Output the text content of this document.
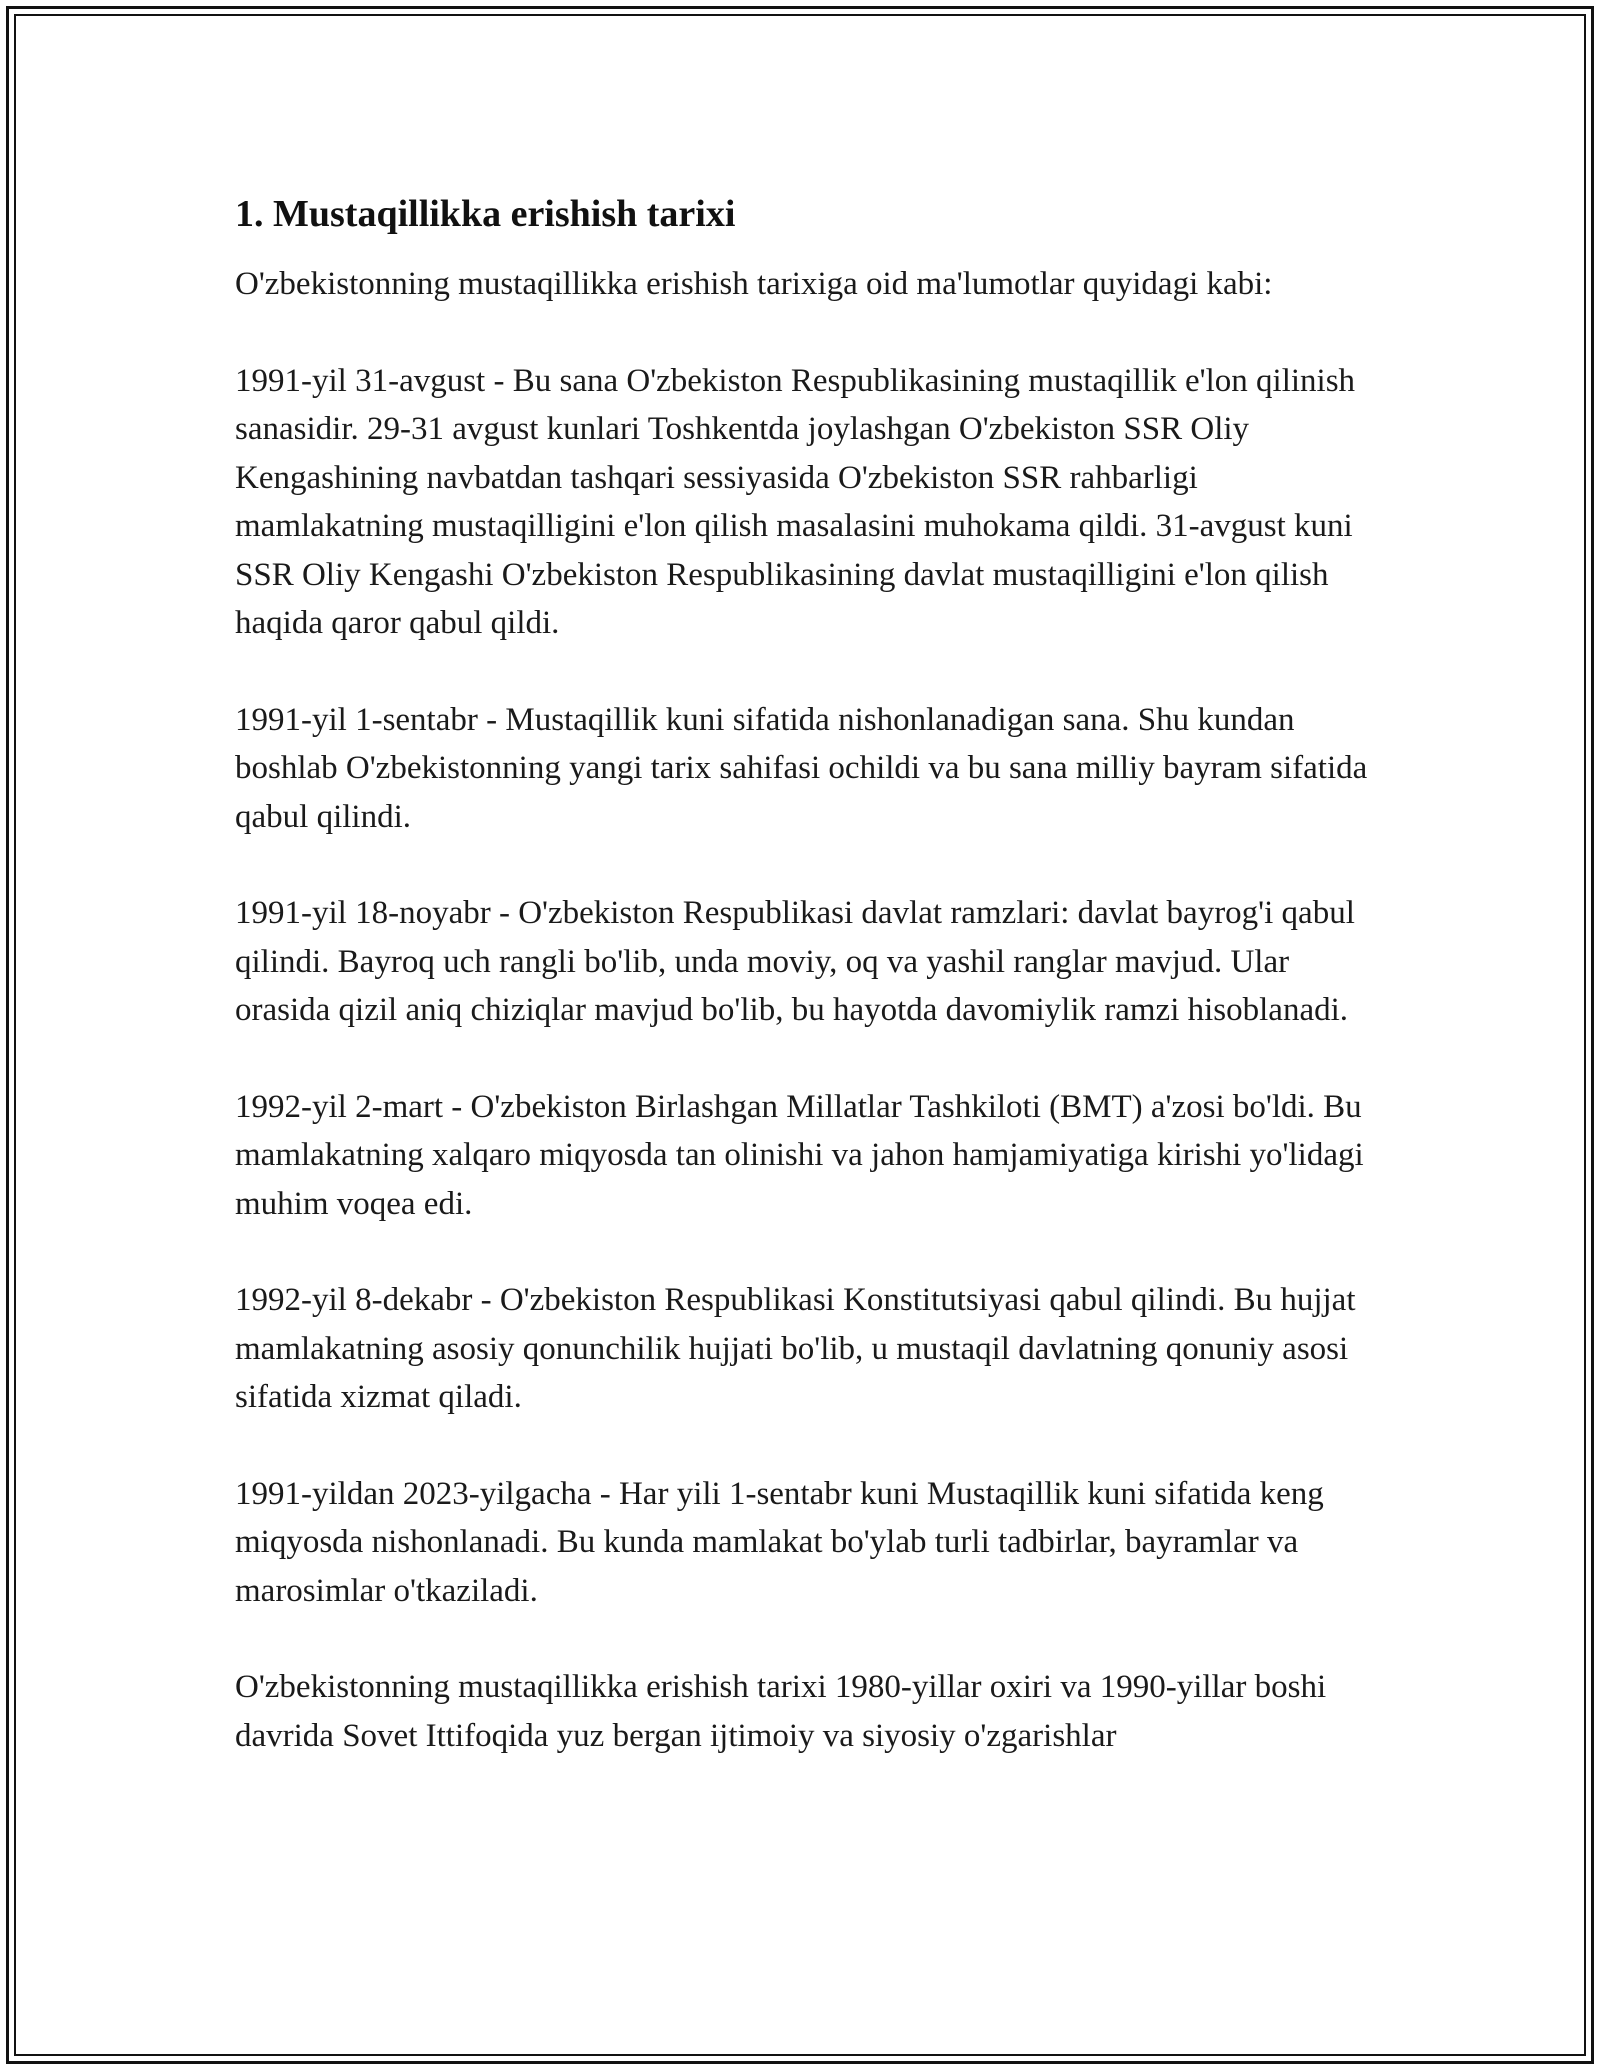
1. Mustaqillikka erishish tarixi

O'zbekistonning mustaqillikka erishish tarixiga oid ma'lumotlar quyidagi kabi:

1991-yil 31-avgust - Bu sana O'zbekiston Respublikasining mustaqillik e'lon qilinish sanasidir. 29-31 avgust kunlari Toshkentda joylashgan O'zbekiston SSR Oliy Kengashining navbatdan tashqari sessiyasida O'zbekiston SSR rahbarligi mamlakatning mustaqilligini e'lon qilish masalasini muhokama qildi. 31-avgust kuni SSR Oliy Kengashi O'zbekiston Respublikasining davlat mustaqilligini e'lon qilish haqida qaror qabul qildi.

1991-yil 1-sentabr - Mustaqillik kuni sifatida nishonlanadigan sana. Shu kundan boshlab O'zbekistonning yangi tarix sahifasi ochildi va bu sana milliy bayram sifatida qabul qilindi.

1991-yil 18-noyabr - O'zbekiston Respublikasi davlat ramzlari: davlat bayrog'i qabul qilindi. Bayroq uch rangli bo'lib, unda moviy, oq va yashil ranglar mavjud. Ular orasida qizil aniq chiziqlar mavjud bo'lib, bu hayotda davomiylik ramzi hisoblanadi.

1992-yil 2-mart - O'zbekiston Birlashgan Millatlar Tashkiloti (BMT) a'zosi bo'ldi. Bu mamlakatning xalqaro miqyosda tan olinishi va jahon hamjamiyatiga kirishi yo'lidagi muhim voqea edi.

1992-yil 8-dekabr - O'zbekiston Respublikasi Konstitutsiyasi qabul qilindi. Bu hujjat mamlakatning asosiy qonunchilik hujjati bo'lib, u mustaqil davlatning qonuniy asosi sifatida xizmat qiladi.

1991-yildan 2023-yilgacha - Har yili 1-sentabr kuni Mustaqillik kuni sifatida keng miqyosda nishonlanadi. Bu kunda mamlakat bo'ylab turli tadbirlar, bayramlar va marosimlar o'tkaziladi.

O'zbekistonning mustaqillikka erishish tarixi 1980-yillar oxiri va 1990-yillar boshi davrida Sovet Ittifoqida yuz bergan ijtimoiy va siyosiy o'zgarishlar
